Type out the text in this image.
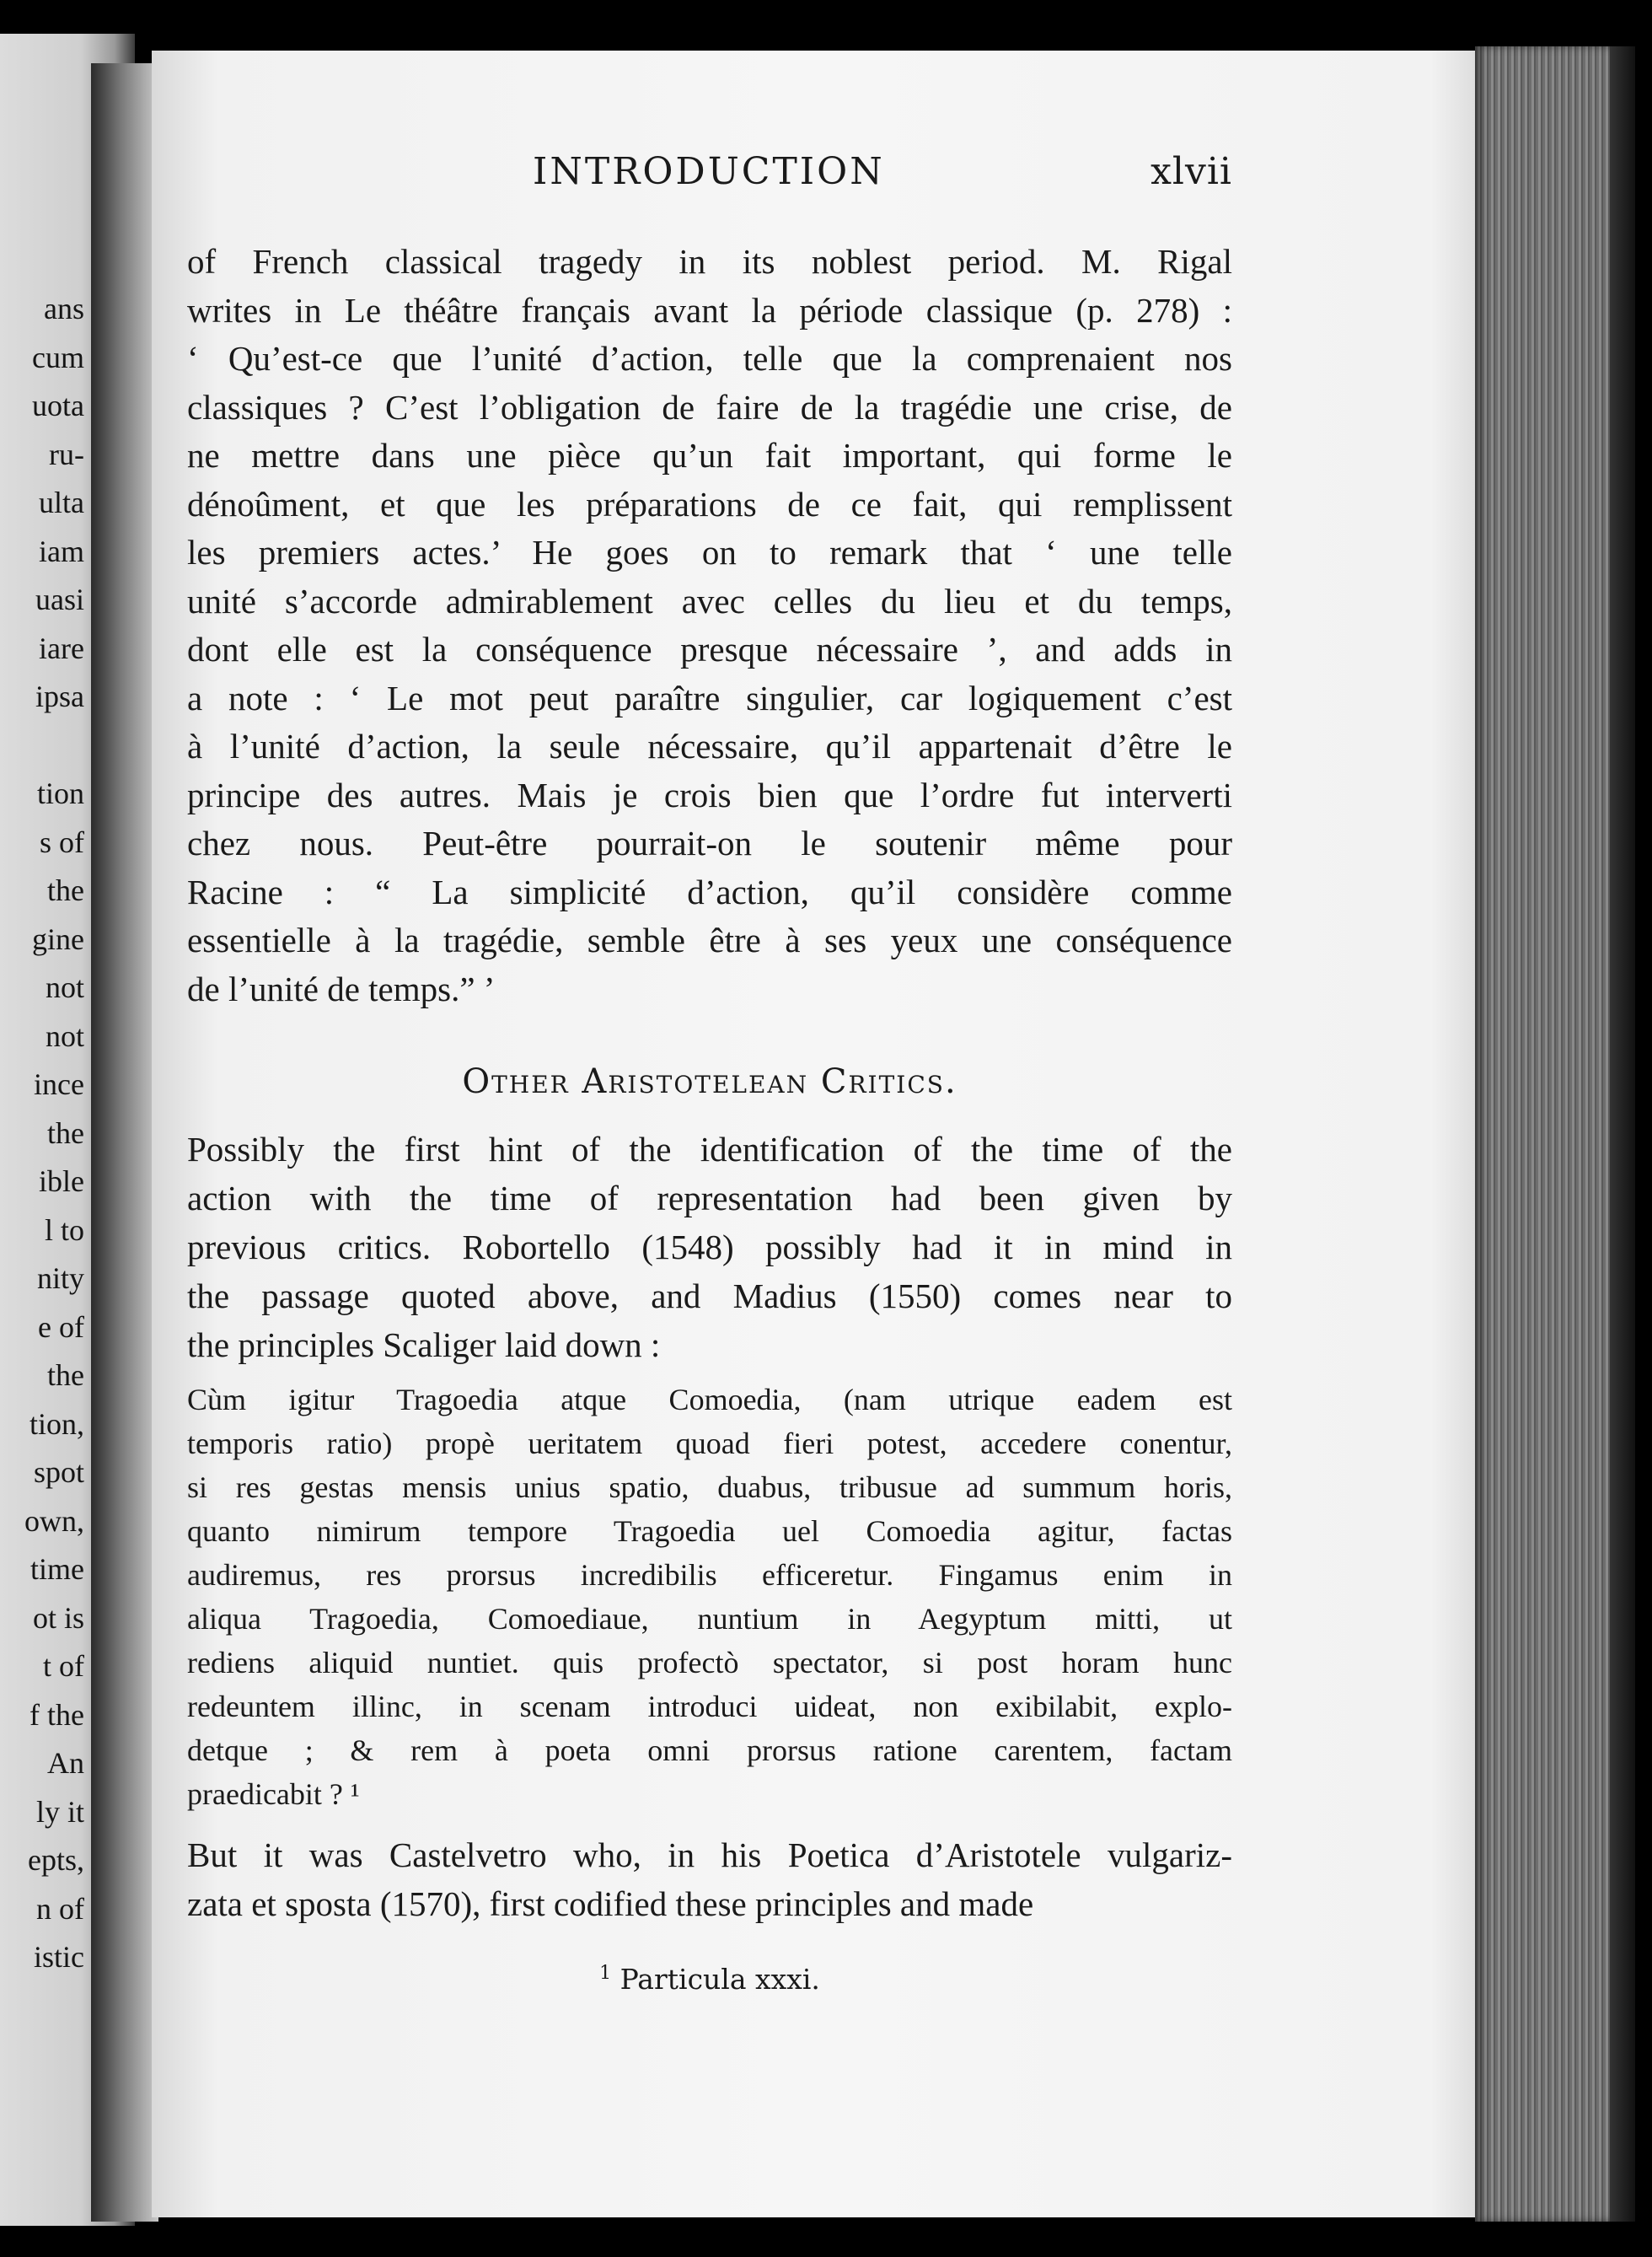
ans
cum
uota
ru-
ulta
iam
uasi
iare
ipsa
tion
s of
the
gine
not
not
ince
the
ible
l to
nity
e of
the
tion,
spot
own,
time
ot is
t of
f the
An
ly it
epts,
n of
istic
INTRODUCTION	xlvii
of French classical tragedy in its noblest period. M. Rigal
writes in Le théâtre français avant la période classique (p. 278) :
‘ Qu’est-ce que l’unité d’action, telle que la comprenaient nos
classiques ? C’est l’obligation de faire de la tragédie une crise, de
ne mettre dans une pièce qu’un fait important, qui forme le
dénoûment, et que les préparations de ce fait, qui remplissent
les premiers actes.’ He goes on to remark that ‘ une telle
unité s’accorde admirablement avec celles du lieu et du temps,
dont elle est la conséquence presque nécessaire ’, and adds in
a note : ‘ Le mot peut paraître singulier, car logiquement c’est
à l’unité d’action, la seule nécessaire, qu’il appartenait d’être le
principe des autres. Mais je crois bien que l’ordre fut interverti
chez nous. Peut-être pourrait-on le soutenir même pour
Racine : “ La simplicité d’action, qu’il considère comme
essentielle à la tragédie, semble être à ses yeux une conséquence
de l’unité de temps.” ’
Other Aristotelean Critics.
Possibly the first hint of the identification of the time of the
action with the time of representation had been given by
previous critics. Robortello (1548) possibly had it in mind in
the passage quoted above, and Madius (1550) comes near to
the principles Scaliger laid down :
Cùm igitur Tragoedia atque Comoedia, (nam utrique eadem est
temporis ratio) propè ueritatem quoad fieri potest, accedere conentur,
si res gestas mensis unius spatio, duabus, tribusue ad summum horis,
quanto nimirum tempore Tragoedia uel Comoedia agitur, factas
audiremus, res prorsus incredibilis efficeretur. Fingamus enim in
aliqua Tragoedia, Comoediaue, nuntium in Aegyptum mitti, ut
rediens aliquid nuntiet. quis profectò spectator, si post horam hunc
redeuntem illinc, in scenam introduci uideat, non exibilabit, explo-
detque ; & rem à poeta omni prorsus ratione carentem, factam
praedicabit ? ¹
But it was Castelvetro who, in his Poetica d’Aristotele vulgariz-
zata et sposta (1570), first codified these principles and made
$^1$ Particula xxxi.
